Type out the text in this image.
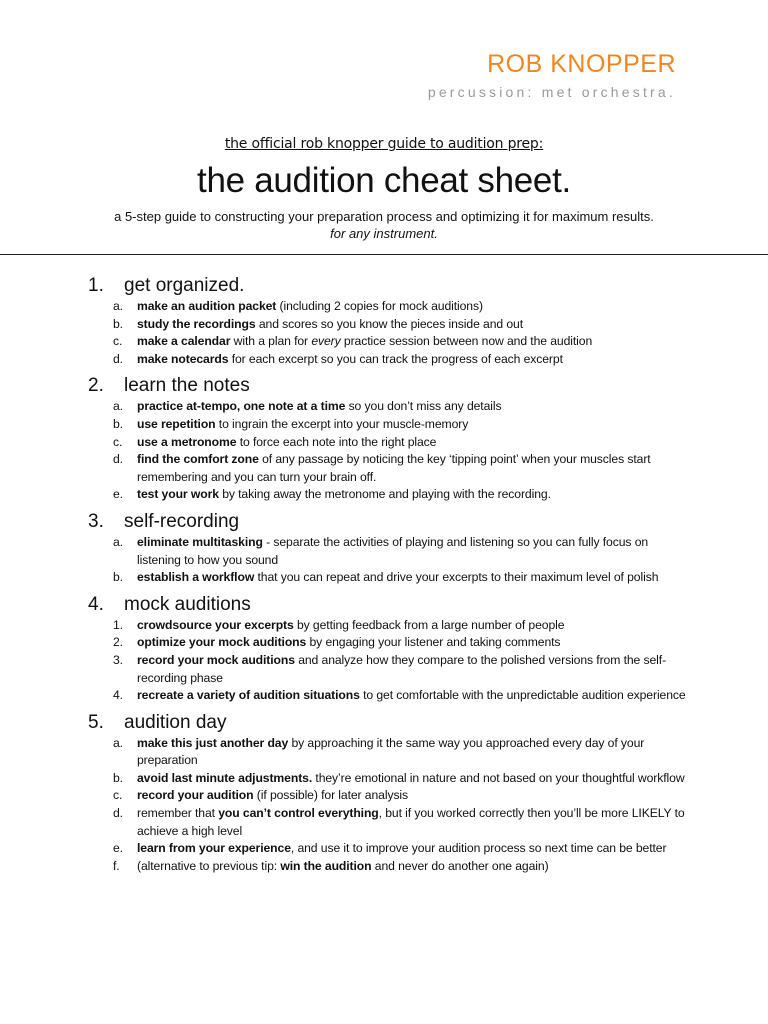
ROB KNOPPER
percussion: met orchestra.
the official rob knopper guide to audition prep:
the audition cheat sheet.
a 5-step guide to constructing your preparation process and optimizing it for maximum results.
for any instrument.
1.	get organized.
a.	make an audition packet (including 2 copies for mock auditions)
b.	study the recordings and scores so you know the pieces inside and out
c.	make a calendar with a plan for every practice session between now and the audition
d.	make notecards for each excerpt so you can track the progress of each excerpt
2.	learn the notes
a.	practice at-tempo, one note at a time so you don’t miss any details
b.	use repetition to ingrain the excerpt into your muscle-memory
c.	use a metronome to force each note into the right place
d.	find the comfort zone of any passage by noticing the key ‘tipping point’ when your muscles start remembering and you can turn your brain off.
e.	test your work by taking away the metronome and playing with the recording.
3.	self-recording
a.	eliminate multitasking - separate the activities of playing and listening so you can fully focus on listening to how you sound
b.	establish a workflow that you can repeat and drive your excerpts to their maximum level of polish
4.	mock auditions
1.	crowdsource your excerpts by getting feedback from a large number of people
2.	optimize your mock auditions by engaging your listener and taking comments
3.	record your mock auditions and analyze how they compare to the polished versions from the self-recording phase
4.	recreate a variety of audition situations to get comfortable with the unpredictable audition experience
5.	audition day
a.	make this just another day by approaching it the same way you approached every day of your preparation
b.	avoid last minute adjustments. they’re emotional in nature and not based on your thoughtful workflow
c.	record your audition (if possible) for later analysis
d.	remember that you can’t control everything, but if you worked correctly then you’ll be more LIKELY to achieve a high level
e.	learn from your experience, and use it to improve your audition process so next time can be better
f.	(alternative to previous tip: win the audition and never do another one again)
